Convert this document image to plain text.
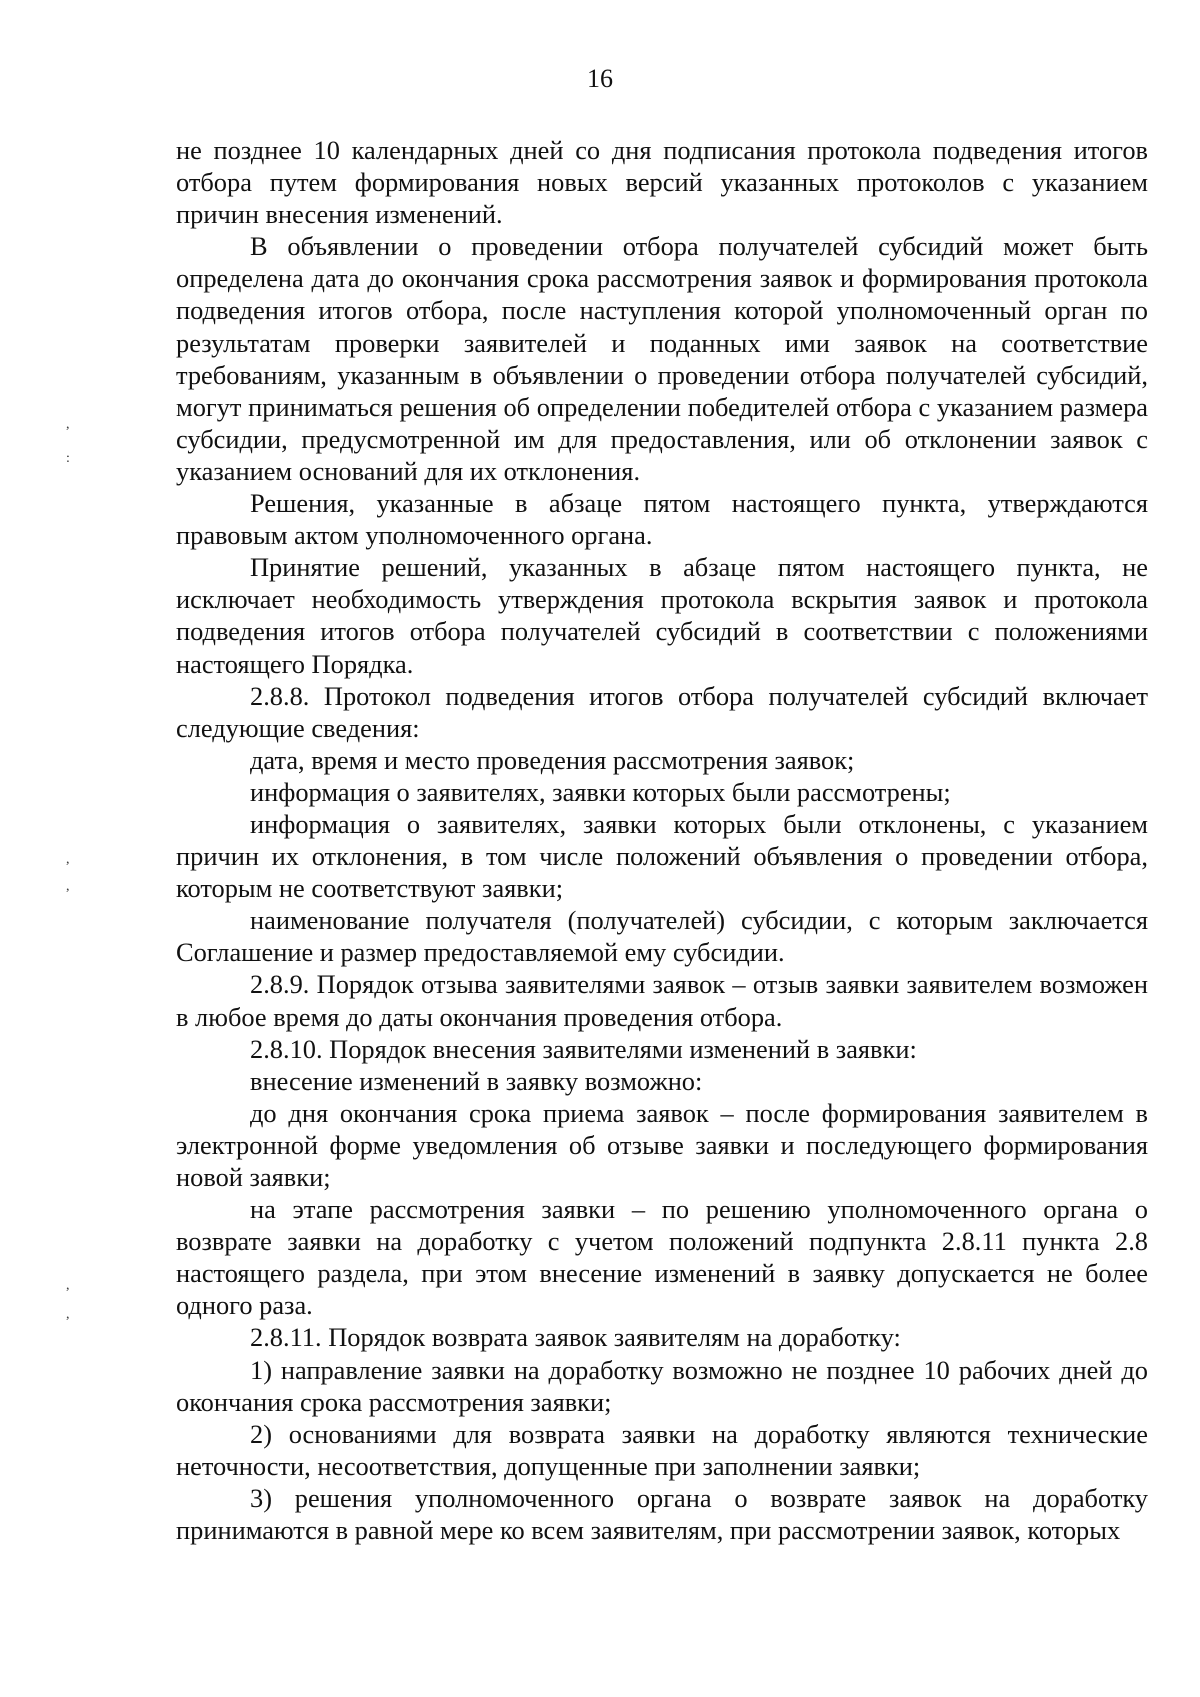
16

не позднее 10 календарных дней со дня подписания протокола подведения итогов отбора путем формирования новых версий указанных протоколов с указанием причин внесения изменений.

В объявлении о проведении отбора получателей субсидий может быть определена дата до окончания срока рассмотрения заявок и формирования протокола подведения итогов отбора, после наступления которой уполномоченный орган по результатам проверки заявителей и поданных ими заявок на соответствие требованиям, указанным в объявлении о проведении отбора получателей субсидий, могут приниматься решения об определении победителей отбора с указанием размера субсидии, предусмотренной им для предоставления, или об отклонении заявок с указанием оснований для их отклонения.

Решения, указанные в абзаце пятом настоящего пункта, утверждаются правовым актом уполномоченного органа.

Принятие решений, указанных в абзаце пятом настоящего пункта, не исключает необходимость утверждения протокола вскрытия заявок и протокола подведения итогов отбора получателей субсидий в соответствии с положениями настоящего Порядка.

2.8.8. Протокол подведения итогов отбора получателей субсидий включает следующие сведения:

дата, время и место проведения рассмотрения заявок;

информация о заявителях, заявки которых были рассмотрены;

информация о заявителях, заявки которых были отклонены, с указанием причин их отклонения, в том числе положений объявления о проведении отбора, которым не соответствуют заявки;

наименование получателя (получателей) субсидии, с которым заключается Соглашение и размер предоставляемой ему субсидии.

2.8.9. Порядок отзыва заявителями заявок – отзыв заявки заявителем возможен в любое время до даты окончания проведения отбора.

2.8.10. Порядок внесения заявителями изменений в заявки:

внесение изменений в заявку возможно:

до дня окончания срока приема заявок – после формирования заявителем в электронной форме уведомления об отзыве заявки и последующего формирования новой заявки;

на этапе рассмотрения заявки – по решению уполномоченного органа о возврате заявки на доработку с учетом положений подпункта 2.8.11 пункта 2.8 настоящего раздела, при этом внесение изменений в заявку допускается не более одного раза.

2.8.11. Порядок возврата заявок заявителям на доработку:

1) направление заявки на доработку возможно не позднее 10 рабочих дней до окончания срока рассмотрения заявки;

2) основаниями для возврата заявки на доработку являются технические неточности, несоответствия, допущенные при заполнении заявки;

3) решения уполномоченного органа о возврате заявок на доработку принимаются в равной мере ко всем заявителям, при рассмотрении заявок, которых

,
:
,
,
,
,
